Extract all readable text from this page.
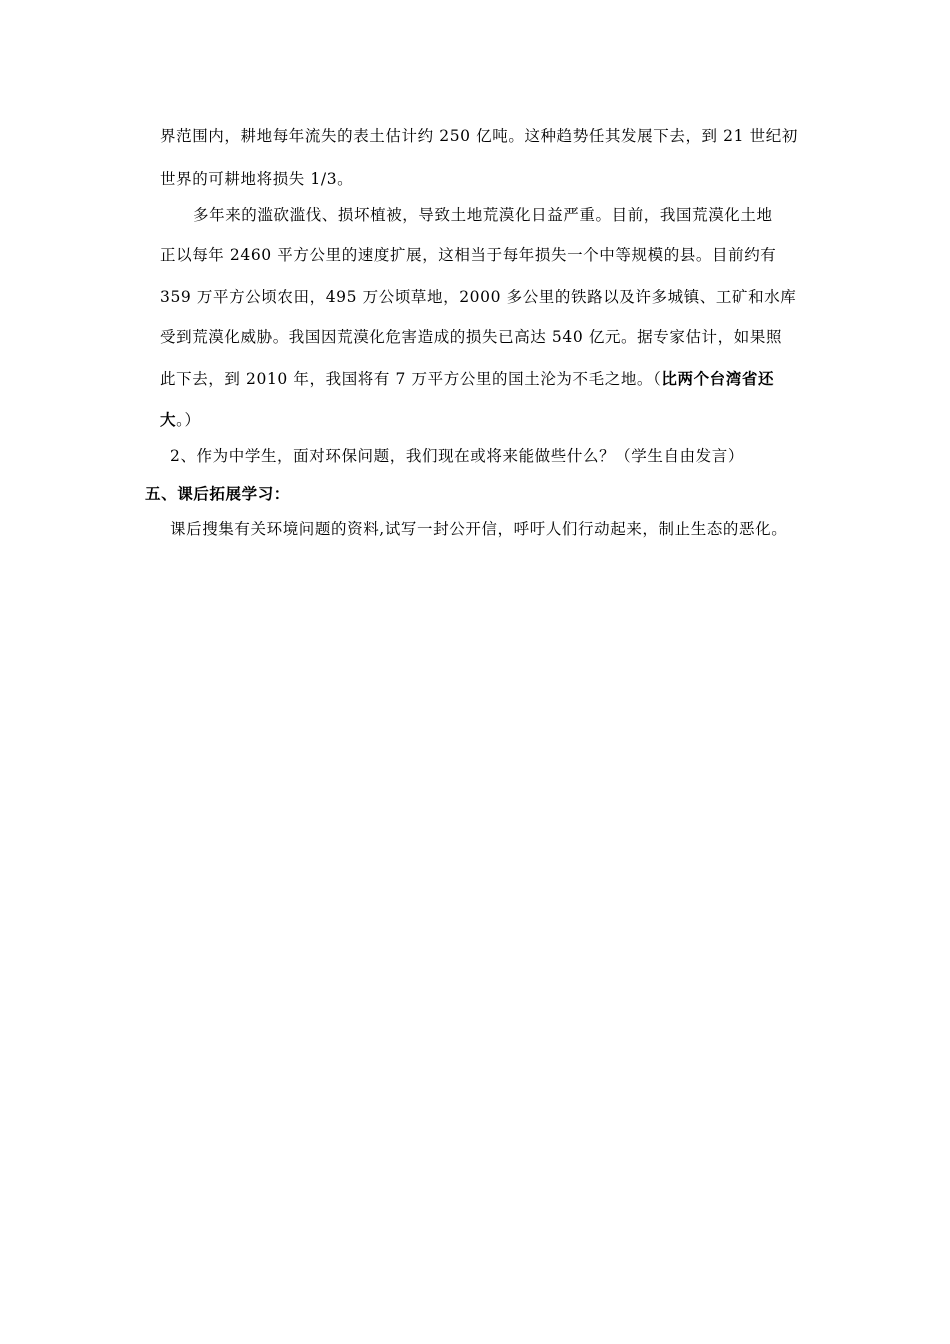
界范围内，耕地每年流失的表土估计约 250 亿吨。这种趋势任其发展下去，到 21 世纪初
世界的可耕地将损失 1/3。
多年来的滥砍滥伐、损坏植被，导致土地荒漠化日益严重。目前，我国荒漠化土地
正以每年 2460 平方公里的速度扩展，这相当于每年损失一个中等规模的县。目前约有
359 万平方公顷农田，495 万公顷草地，2000 多公里的铁路以及许多城镇、工矿和水库
受到荒漠化威胁。我国因荒漠化危害造成的损失已高达 540 亿元。据专家估计，如果照
此下去，到 2010 年，我国将有 7 万平方公里的国土沦为不毛之地。（比两个台湾省还
大。）
2、作为中学生，面对环保问题，我们现在或将来能做些什么？（学生自由发言）
五、课后拓展学习：
课后搜集有关环境问题的资料,试写一封公开信，呼吁人们行动起来，制止生态的恶化。
